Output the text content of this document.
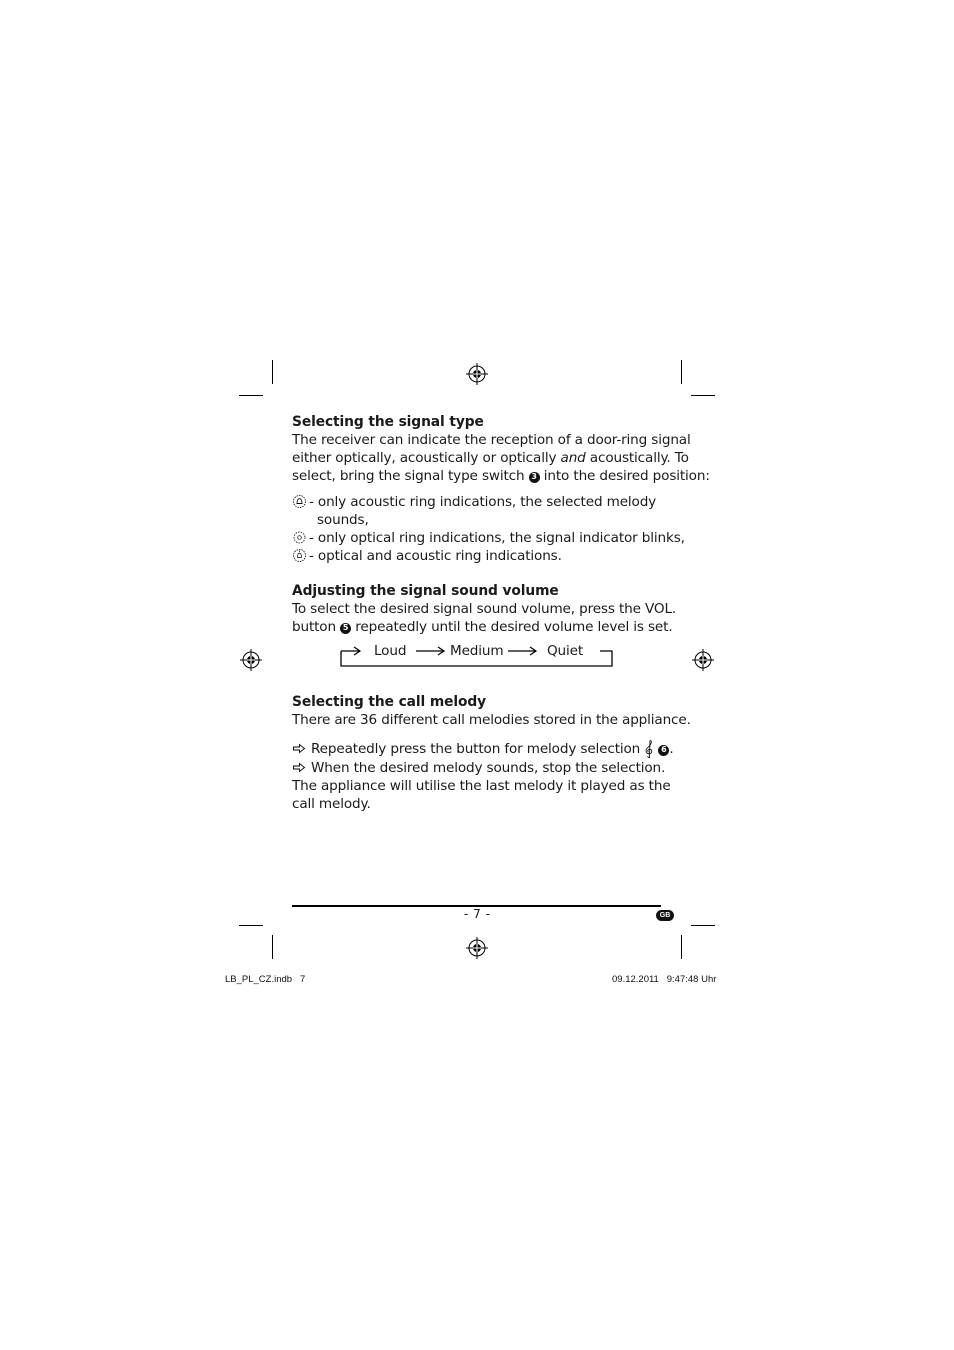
Selecting the signal type
The receiver can indicate the reception of a door-ring signal
either optically, acoustically or optically and acoustically. To
select, bring the signal type switch 3 into the desired position:
- only acoustic ring indications, the selected melody
sounds,
- only optical ring indications, the signal indicator blinks,
- optical and acoustic ring indications.
Adjusting the signal sound volume
To select the desired signal sound volume, press the VOL.
button 5 repeatedly until the desired volume level is set.
Loud	Medium	Quiet
Selecting the call melody
There are 36 different call melodies stored in the appliance.
Repeatedly press the button for melody selection 6 .
When the desired melody sounds, stop the selection.
The appliance will utilise the last melody it played as the
call melody.
- 7 -	GB
LB_PL_CZ.indb   7	09.12.2011   9:47:48 Uhr
